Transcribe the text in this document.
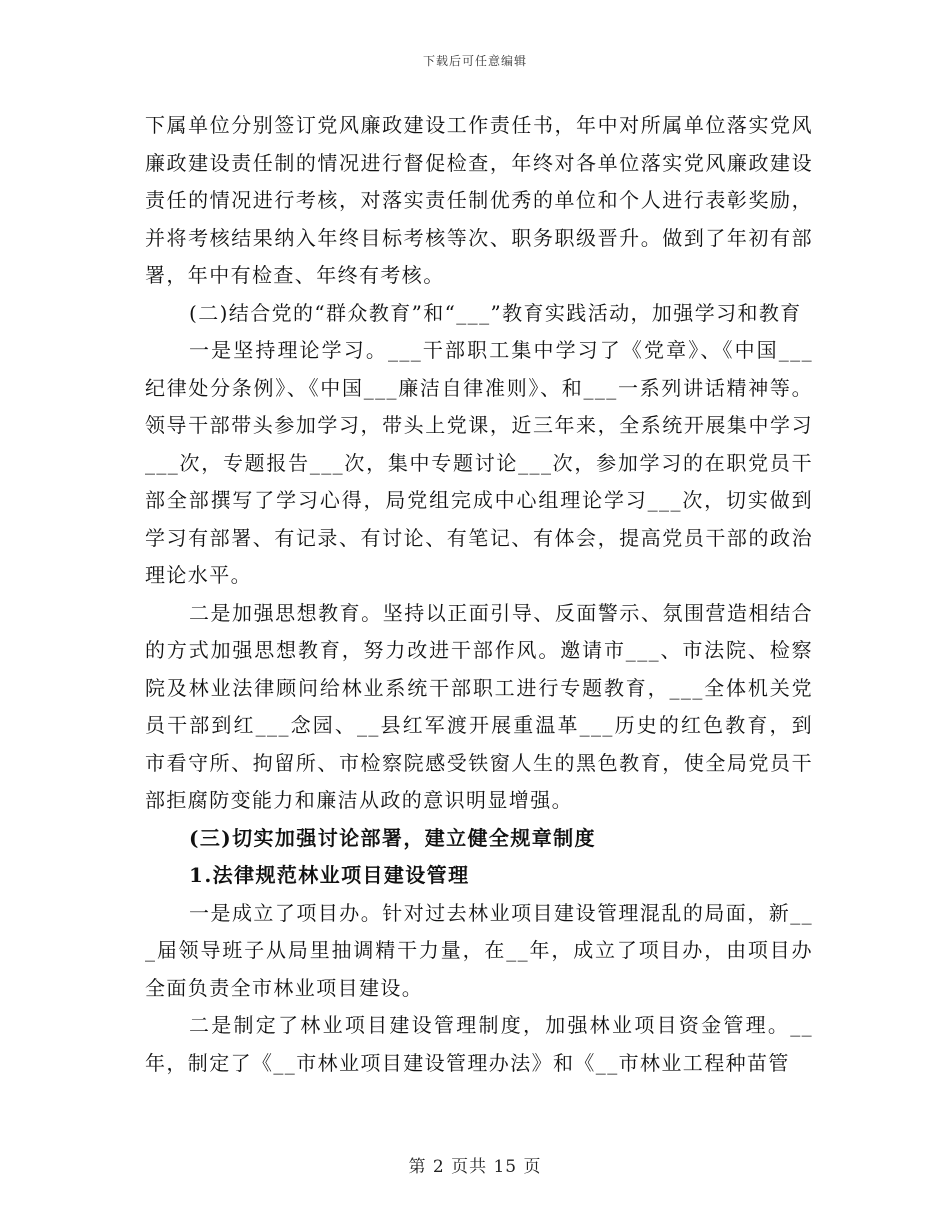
下载后可任意编辑

下属单位分别签订党风廉政建设工作责任书，年中对所属单位落实党风廉政建设责任制的情况进行督促检查，年终对各单位落实党风廉政建设责任的情况进行考核，对落实责任制优秀的单位和个人进行表彰奖励，并将考核结果纳入年终目标考核等次、职务职级晋升。做到了年初有部署，年中有检查、年终有考核。

(二)结合党的“群众教育”和“___”教育实践活动，加强学习和教育

一是坚持理论学习。___干部职工集中学习了《党章》、《中国___纪律处分条例》、《中国___廉洁自律准则》、和___一系列讲话精神等。领导干部带头参加学习，带头上党课，近三年来，全系统开展集中学习___次，专题报告___次，集中专题讨论___次，参加学习的在职党员干部全部撰写了学习心得，局党组完成中心组理论学习___次，切实做到学习有部署、有记录、有讨论、有笔记、有体会，提高党员干部的政治理论水平。

二是加强思想教育。坚持以正面引导、反面警示、氛围营造相结合的方式加强思想教育，努力改进干部作风。邀请市___、市法院、检察院及林业法律顾问给林业系统干部职工进行专题教育，___全体机关党员干部到红___念园、__县红军渡开展重温革___历史的红色教育，到市看守所、拘留所、市检察院感受铁窗人生的黑色教育，使全局党员干部拒腐防变能力和廉洁从政的意识明显增强。

(三)切实加强讨论部署，建立健全规章制度

1.法律规范林业项目建设管理

一是成立了项目办。针对过去林业项目建设管理混乱的局面，新___届领导班子从局里抽调精干力量，在__年，成立了项目办，由项目办全面负责全市林业项目建设。

二是制定了林业项目建设管理制度，加强林业项目资金管理。__年，制定了《__市林业项目建设管理办法》和《__市林业工程种苗管

第 2 页共 15 页
